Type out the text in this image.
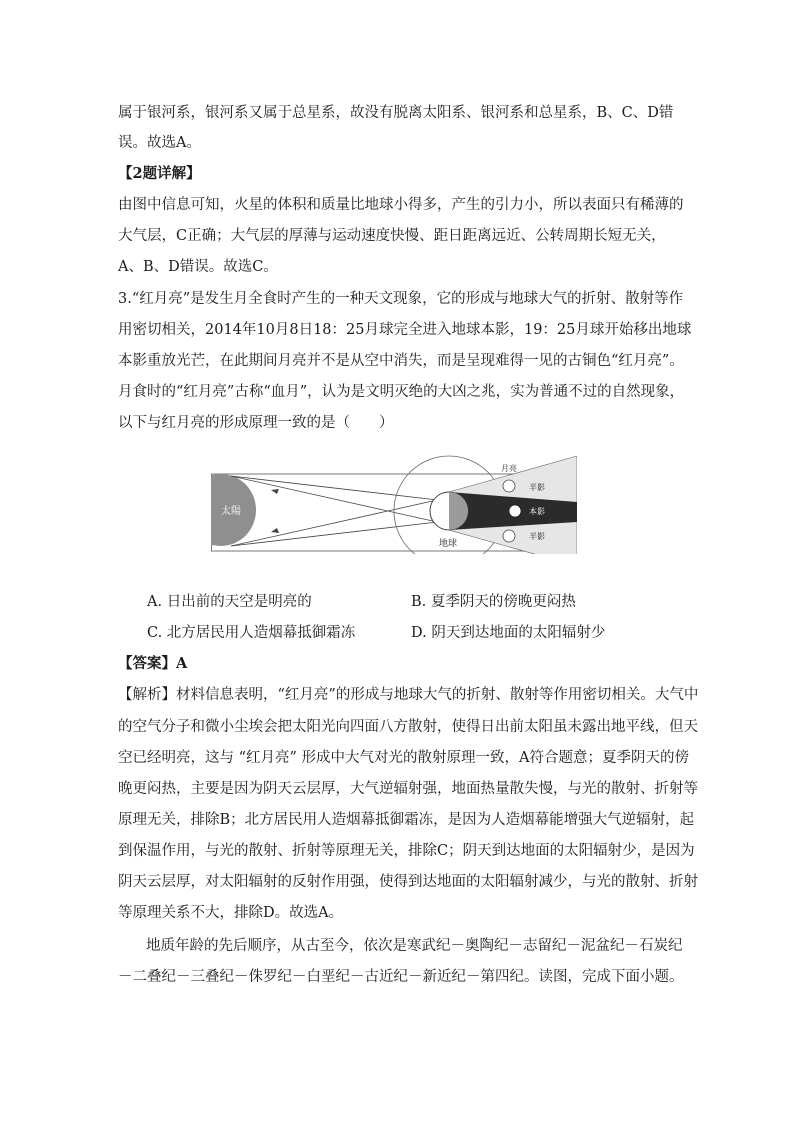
属于银河系，银河系又属于总星系，故没有脱离太阳系、银河系和总星系，B、C、D错
误。故选A。
【2题详解】
由图中信息可知，火星的体积和质量比地球小得多，产生的引力小，所以表面只有稀薄的
大气层，C正确；大气层的厚薄与运动速度快慢、距日距离远近、公转周期长短无关，
A、B、D错误。故选C。
3.“红月亮”是发生月全食时产生的一种天文现象，它的形成与地球大气的折射、散射等作
用密切相关，2014年10月8日18：25月球完全进入地球本影，19：25月球开始移出地球
本影重放光芒，在此期间月亮并不是从空中消失，而是呈现难得一见的古铜色“红月亮”。
月食时的“红月亮”古称“血月”，认为是文明灭绝的大凶之兆，实为普通不过的自然现象，
以下与红月亮的形成原理一致的是（　　）
太陽
地球
月亮
半影
本影
半影
A. 日出前的天空是明亮的	B. 夏季阴天的傍晚更闷热
C. 北方居民用人造烟幕抵御霜冻	D. 阴天到达地面的太阳辐射少
【答案】A
【解析】材料信息表明，“红月亮”的形成与地球大气的折射、散射等作用密切相关。大气中
的空气分子和微小尘埃会把太阳光向四面八方散射，使得日出前太阳虽未露出地平线，但天
空已经明亮，这与 “红月亮” 形成中大气对光的散射原理一致，A符合题意；夏季阴天的傍
晚更闷热，主要是因为阴天云层厚，大气逆辐射强，地面热量散失慢，与光的散射、折射等
原理无关，排除B；北方居民用人造烟幕抵御霜冻，是因为人造烟幕能增强大气逆辐射，起
到保温作用，与光的散射、折射等原理无关，排除C；阴天到达地面的太阳辐射少，是因为
阴天云层厚，对太阳辐射的反射作用强，使得到达地面的太阳辐射减少，与光的散射、折射
等原理关系不大，排除D。故选A。
地质年龄的先后顺序，从古至今，依次是寒武纪－奥陶纪－志留纪－泥盆纪－石炭纪
－二叠纪－三叠纪－侏罗纪－白垩纪－古近纪－新近纪－第四纪。读图，完成下面小题。
